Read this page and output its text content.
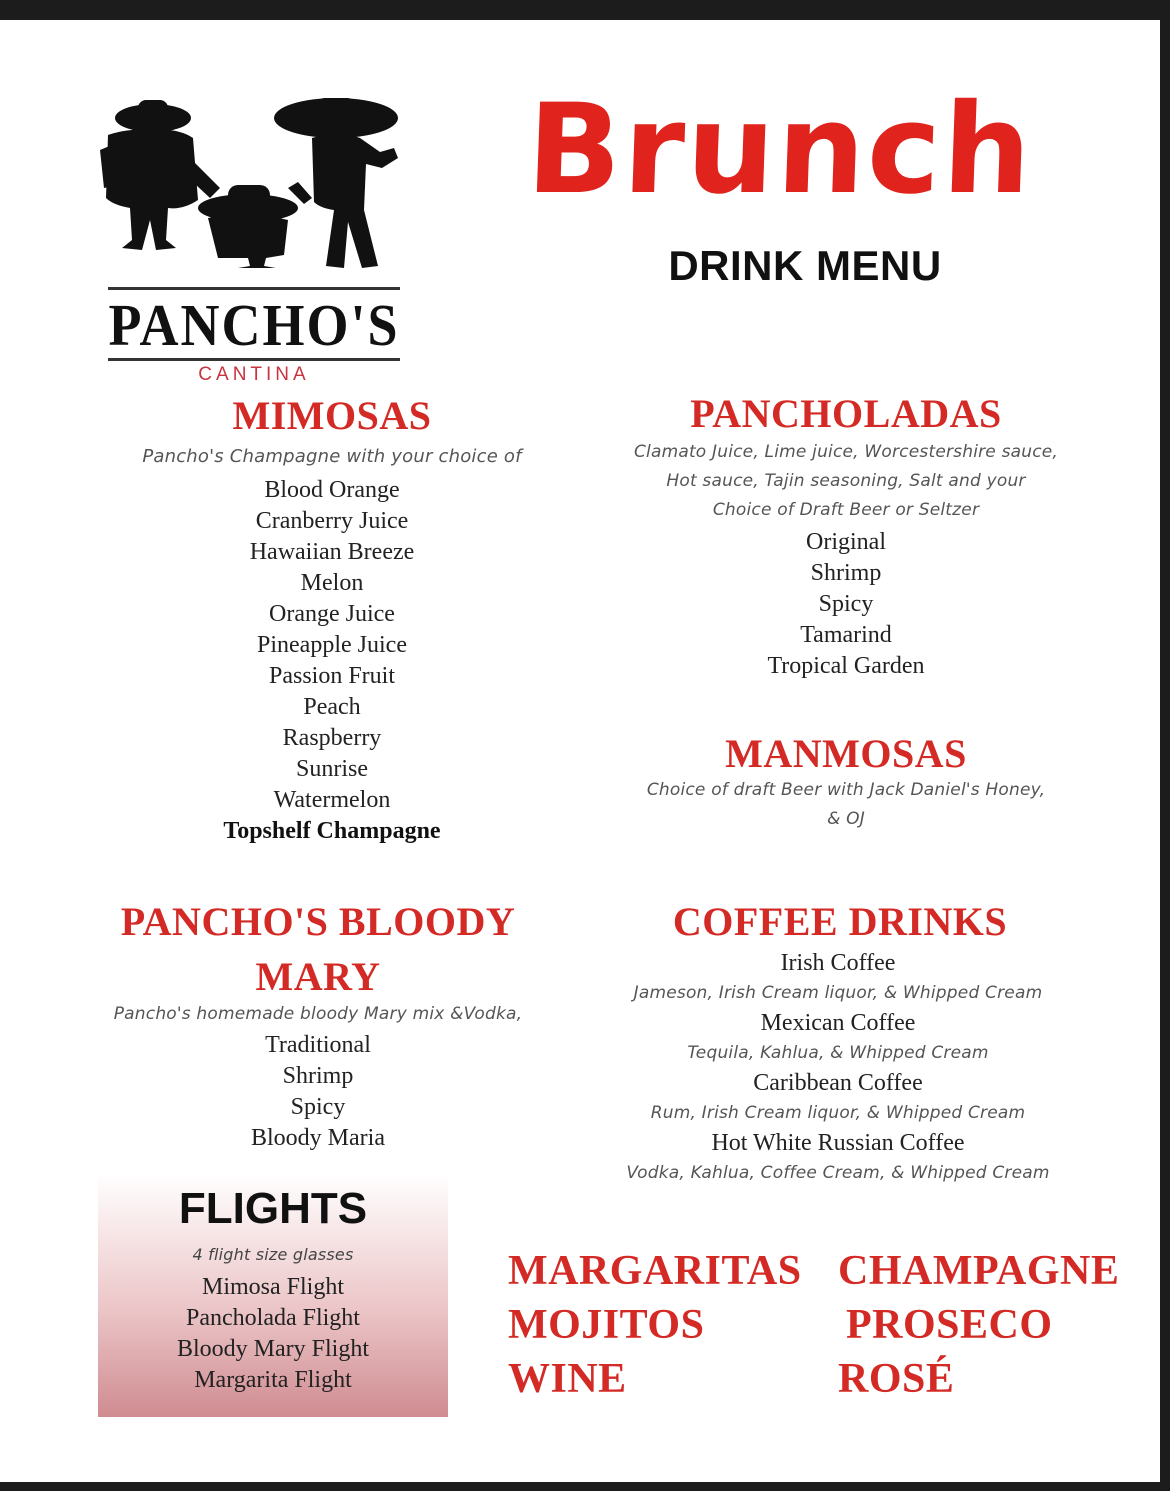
PANCHO'S
CANTINA
Brunch
DRINK MENU
MIMOSAS
Pancho's Champagne with your choice of
Blood Orange
Cranberry Juice
Hawaiian Breeze
Melon
Orange Juice
Pineapple Juice
Passion Fruit
Peach
Raspberry
Sunrise
Watermelon
Topshelf Champagne
PANCHOLADAS
Clamato Juice, Lime juice, Worcestershire sauce,
Hot sauce, Tajin seasoning, Salt and your
Choice of Draft Beer or Seltzer
Original
Shrimp
Spicy
Tamarind
Tropical Garden
MANMOSAS
Choice of draft Beer with Jack Daniel's Honey,
& OJ
PANCHO'S BLOODY
MARY
Pancho's homemade bloody Mary mix &Vodka,
Traditional
Shrimp
Spicy
Bloody Maria
COFFEE DRINKS
Irish Coffee
Jameson, Irish Cream liquor, & Whipped Cream
Mexican Coffee
Tequila, Kahlua, & Whipped Cream
Caribbean Coffee
Rum, Irish Cream liquor, & Whipped Cream
Hot White Russian Coffee
Vodka, Kahlua, Coffee Cream, & Whipped Cream
FLIGHTS
4 flight size glasses
Mimosa Flight
Pancholada Flight
Bloody Mary Flight
Margarita Flight
MARGARITAS
MOJITOS
WINE
CHAMPAGNE
PROSECO
ROSÉ
